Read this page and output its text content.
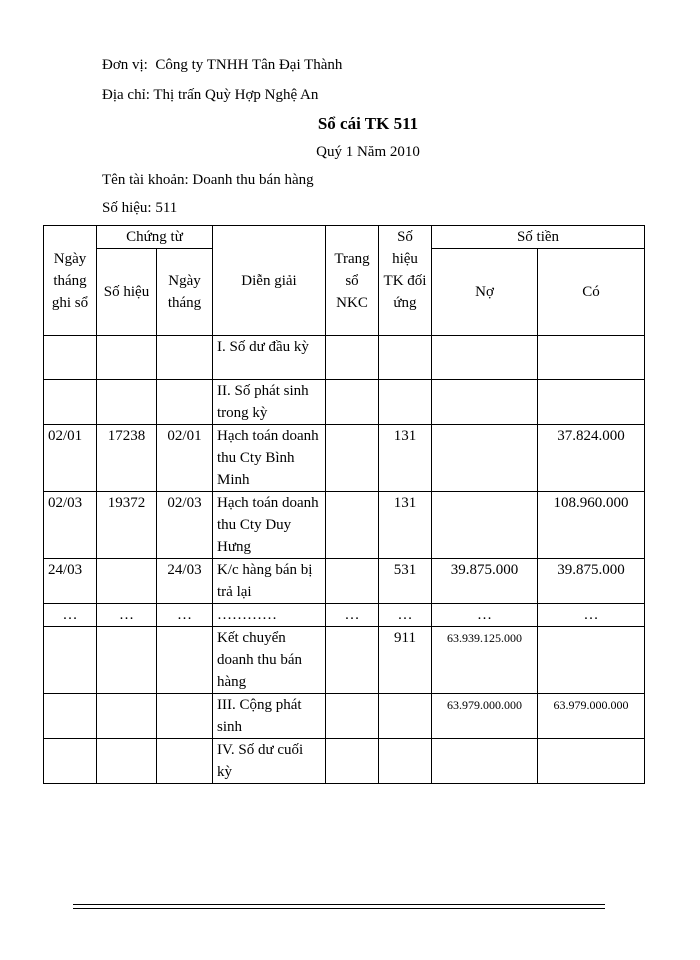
Đơn vị: Công ty TNHH Tân Đại Thành
Địa chỉ: Thị trấn Quỳ Hợp Nghệ An
Sổ cái TK 511
Quý 1 Năm 2010
Tên tài khoản: Doanh thu bán hàng
Số hiệu: 511
Ngày tháng ghi sổ	Chứng từ		Diễn giải	Trang sổ NKC	Số hiệu TK đối ứng	Số tiền	
	Số hiệu	Ngày tháng				Nợ	Có
			I. Số dư đầu kỳ				
			II. Số phát sinh trong kỳ				
02/01	17238	02/01	Hạch toán doanh thu Cty Bình Minh		131		37.824.000
02/03	19372	02/03	Hạch toán doanh thu Cty Duy Hưng		131		108.960.000
24/03		24/03	K/c hàng bán bị trả lại		531	39.875.000	39.875.000
…	…	…	…………	…	…	…	…
			Kết chuyển doanh thu bán hàng		911	63.939.125.000	
			III. Cộng phát sinh			63.979.000.000	63.979.000.000
			IV. Số dư cuối kỳ				
